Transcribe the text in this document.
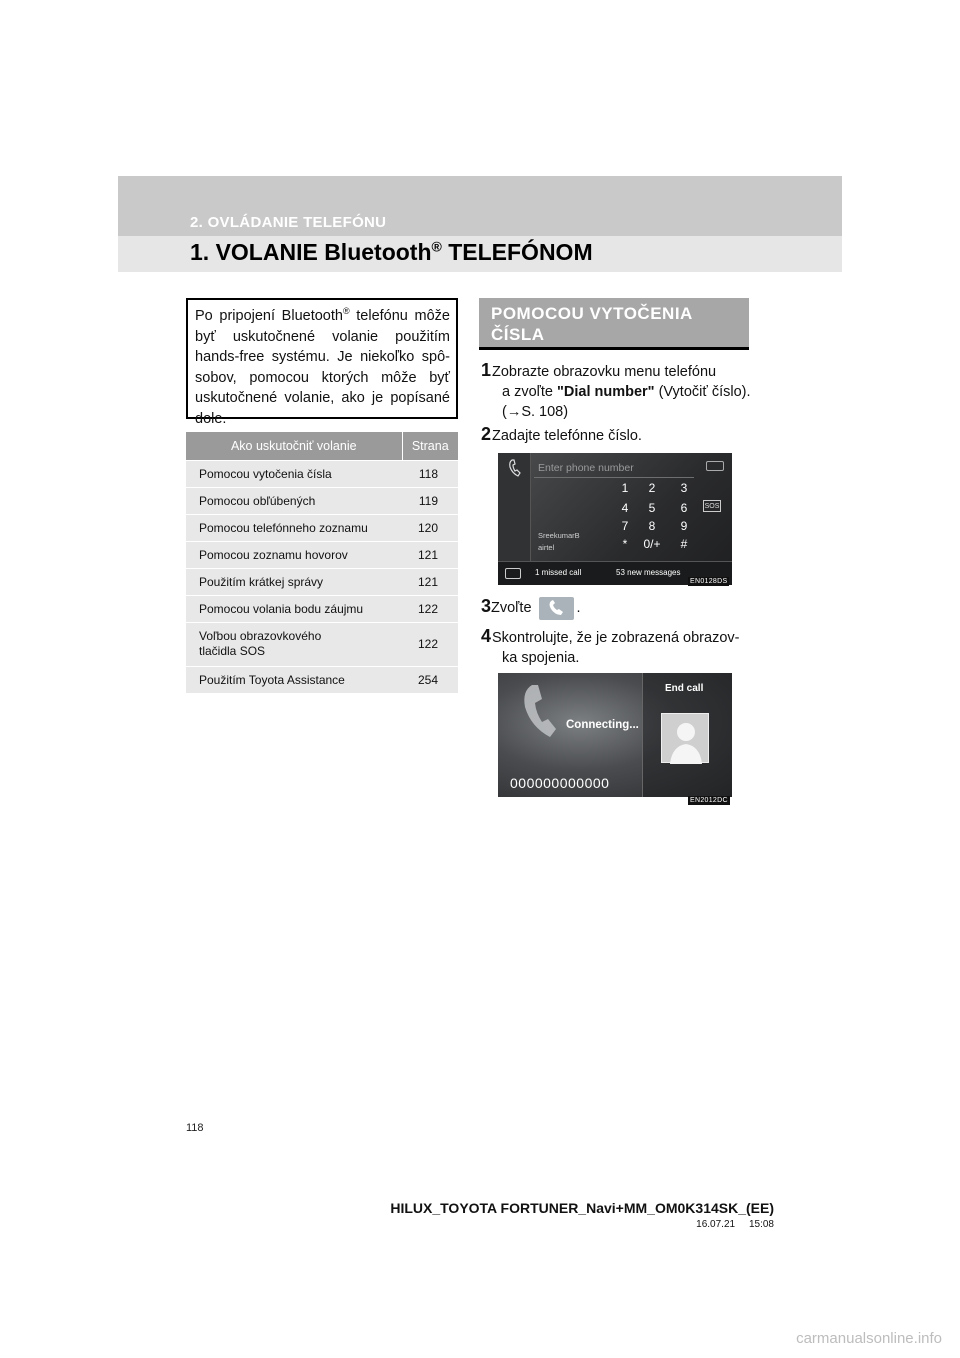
2. OVLÁDANIE TELEFÓNU
1. VOLANIE Bluetooth® TELEFÓNOM
Po pripojení Bluetooth® telefónu môže byť uskutočnené volanie použitím hands-free systému. Je niekoľko spô-sobov, pomocou ktorých môže byť uskutočnené volanie, ako je popísané dole.
Ako uskutočniť volanie	Strana
Pomocou vytočenia čísla	118
Pomocou obľúbených	119
Pomocou telefónneho zoznamu	120
Pomocou zoznamu hovorov	121
Použitím krátkej správy	121
Pomocou volania bodu záujmu	122
Voľbou obrazovkového tlačidla SOS	122
Použitím Toyota Assistance	254
POMOCOU VYTOČENIA ČÍSLA
1Zobrazte obrazovku menu telefónu
a zvoľte "Dial number" (Vytočiť číslo).
(→S. 108)
2Zadajte telefónne číslo.
Enter phone number
1	2	3
4	5	6
7	8	9
*	0/+	#
SOS
SreekumarB
airtel
1 missed call	53 new messages
EN0128DS
3Zvoľte	.
4Skontrolujte, že je zobrazená obrazov-
ka spojenia.
End call
Connecting...
000000000000
EN2012DC
118
HILUX_TOYOTA FORTUNER_Navi+MM_OM0K314SK_(EE)
16.07.21     15:08
carmanualsonline.info
